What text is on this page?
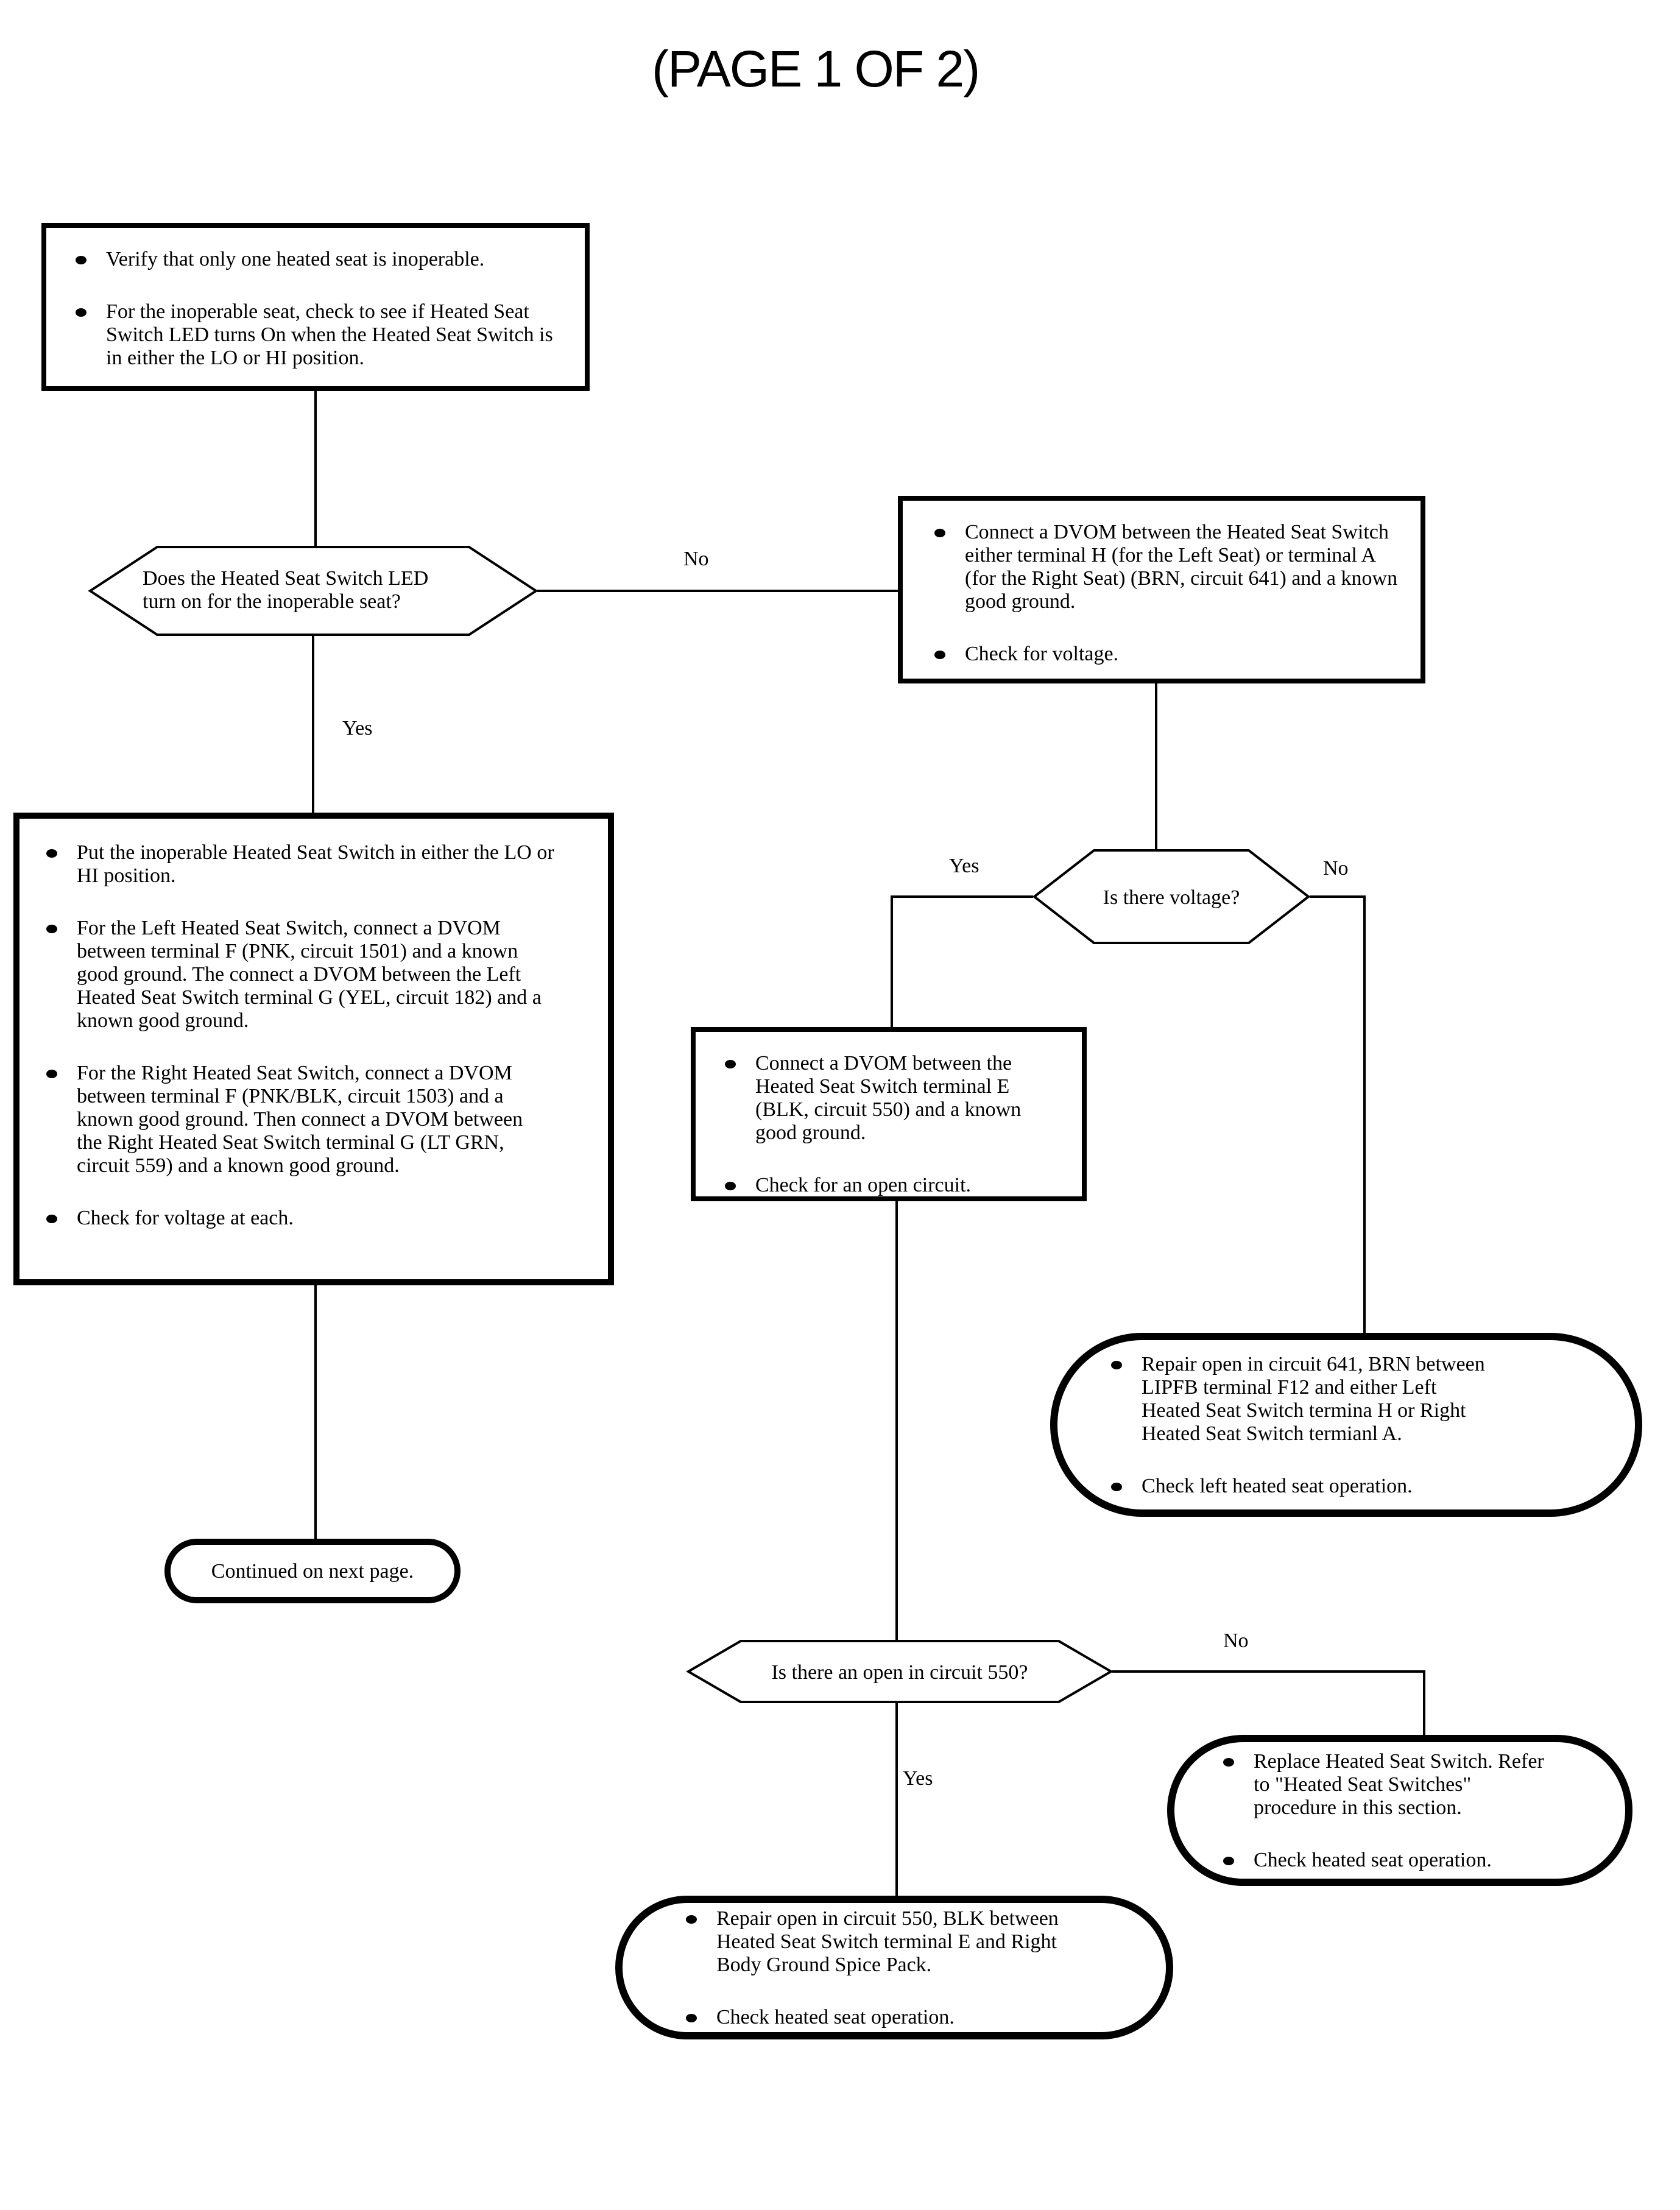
(PAGE 1 OF 2)
Verify that only one heated seat is inoperable.
For the inoperable seat, check to see if Heated Seat Switch LED turns On when the Heated Seat Switch is in either the LO or HI position.
Does the Heated Seat Switch LED turn on for the inoperable seat?
No
Yes
Connect a DVOM between the Heated Seat Switch either terminal H (for the Left Seat) or terminal A (for the Right Seat) (BRN, circuit 641) and a known good ground.
Check for voltage.
Is there voltage?
Yes	No
Put the inoperable Heated Seat Switch in either the LO or HI position.
For the Left Heated Seat Switch, connect a DVOM between terminal F (PNK, circuit 1501) and a known good ground. The connect a DVOM between the Left Heated Seat Switch terminal G (YEL, circuit 182) and a known good ground.
For the Right Heated Seat Switch, connect a DVOM between terminal F (PNK/BLK, circuit 1503) and a known good ground. Then connect a DVOM between the Right Heated Seat Switch terminal G (LT GRN, circuit 559) and a known good ground.
Check for voltage at each.
Connect a DVOM between the Heated Seat Switch terminal E (BLK, circuit 550) and a known good ground.
Check for an open circuit.
Repair open in circuit 641, BRN between LIPFB terminal F12 and either Left Heated Seat Switch termina H or Right Heated Seat Switch termianl A.
Check left heated seat operation.
Continued on next page.
Is there an open in circuit 550?
No
Yes
Replace Heated Seat Switch. Refer to "Heated Seat Switches" procedure in this section.
Check heated seat operation.
Repair open in circuit 550, BLK between Heated Seat Switch terminal E and Right Body Ground Spice Pack.
Check heated seat operation.
